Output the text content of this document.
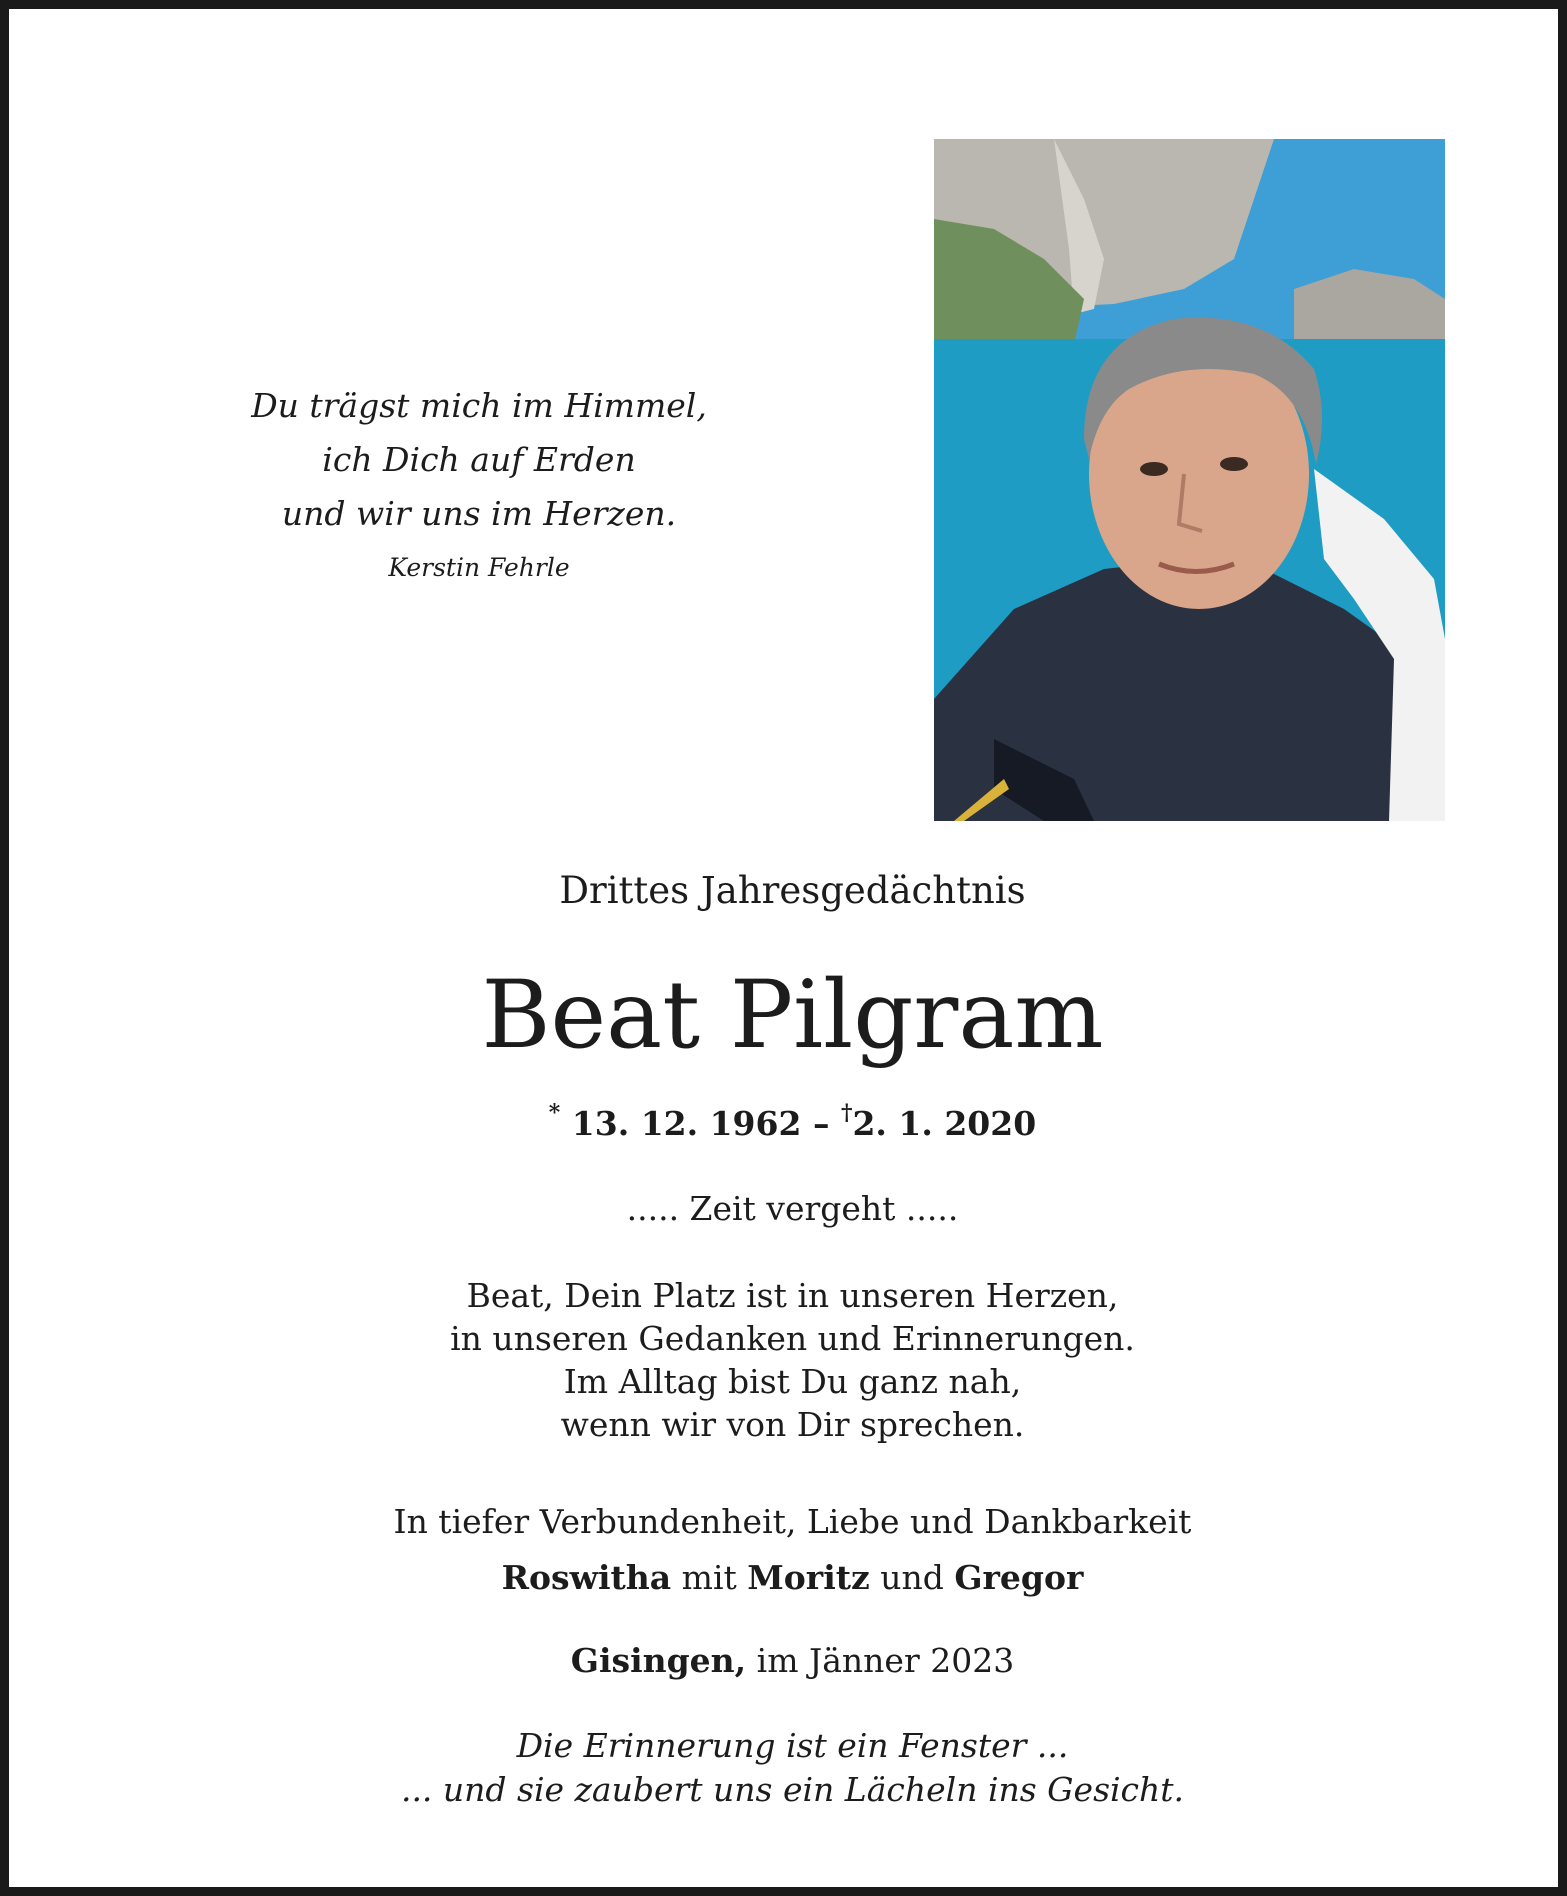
Du trägst mich im Himmel,
ich Dich auf Erden
und wir uns im Herzen.
Kerstin Fehrle
Drittes Jahresgedächtnis
Beat Pilgram
* 13. 12. 1962 – †2. 1. 2020
..... Zeit vergeht .....
Beat, Dein Platz ist in unseren Herzen,
in unseren Gedanken und Erinnerungen.
Im Alltag bist Du ganz nah,
wenn wir von Dir sprechen.
In tiefer Verbundenheit, Liebe und Dankbarkeit
Roswitha mit Moritz und Gregor
Gisingen, im Jänner 2023
Die Erinnerung ist ein Fenster ...
... und sie zaubert uns ein Lächeln ins Gesicht.
